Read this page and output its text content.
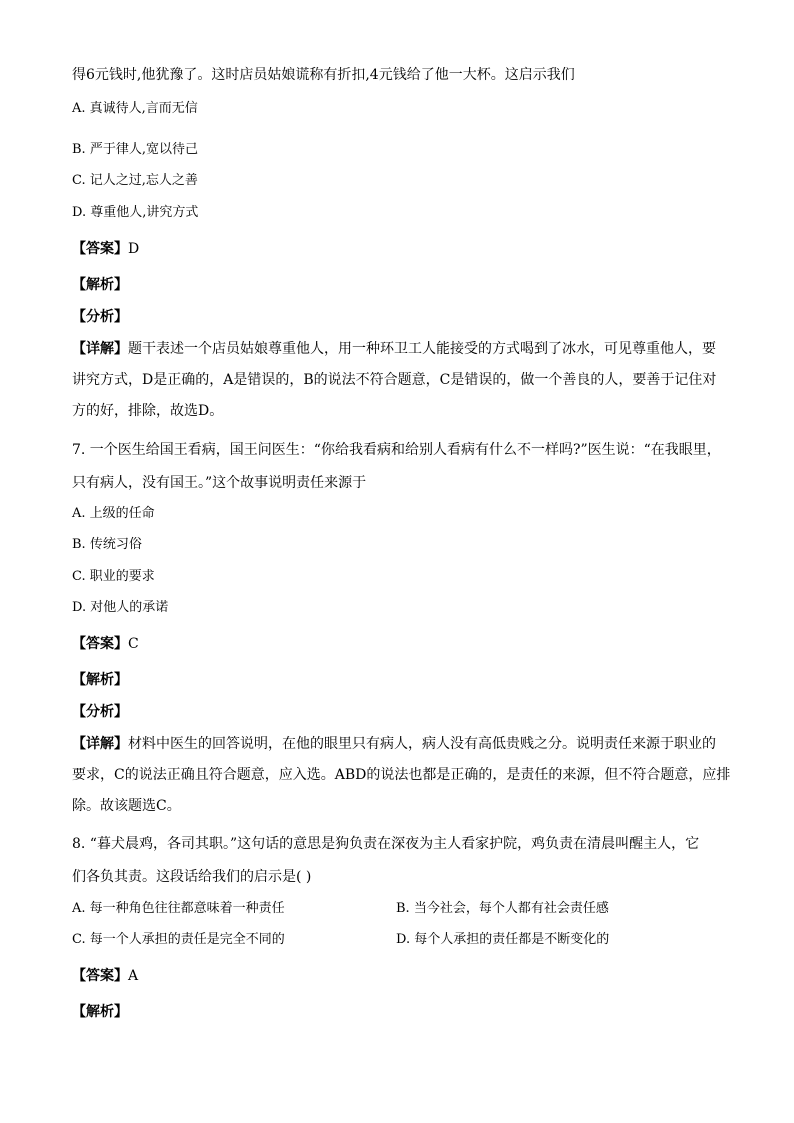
得6元钱时,他犹豫了。这时店员姑娘谎称有折扣,4元钱给了他一大杯。这启示我们
A. 真诚待人,言而无信
B. 严于律人,宽以待己
C. 记人之过,忘人之善
D. 尊重他人,讲究方式
【答案】D
【解析】
【分析】
【详解】题干表述一个店员姑娘尊重他人，用一种环卫工人能接受的方式喝到了冰水，可见尊重他人，要
讲究方式，D是正确的，A是错误的，B的说法不符合题意，C是错误的，做一个善良的人，要善于记住对
方的好，排除，故选D。
7. 一个医生给国王看病，国王问医生：“你给我看病和给别人看病有什么不一样吗?”医生说：“在我眼里，
只有病人，没有国王。”这个故事说明责任来源于
A. 上级的任命
B. 传统习俗
C. 职业的要求
D. 对他人的承诺
【答案】C
【解析】
【分析】
【详解】材料中医生的回答说明，在他的眼里只有病人，病人没有高低贵贱之分。说明责任来源于职业的
要求，C的说法正确且符合题意，应入选。ABD的说法也都是正确的，是责任的来源，但不符合题意，应排
除。故该题选C。
8. “暮犬晨鸡，各司其职。”这句话的意思是狗负责在深夜为主人看家护院，鸡负责在清晨叫醒主人，它
们各负其责。这段话给我们的启示是( )
A. 每一种角色往往都意味着一种责任	B. 当今社会，每个人都有社会责任感
C. 每一个人承担的责任是完全不同的	D. 每个人承担的责任都是不断变化的
【答案】A
【解析】
